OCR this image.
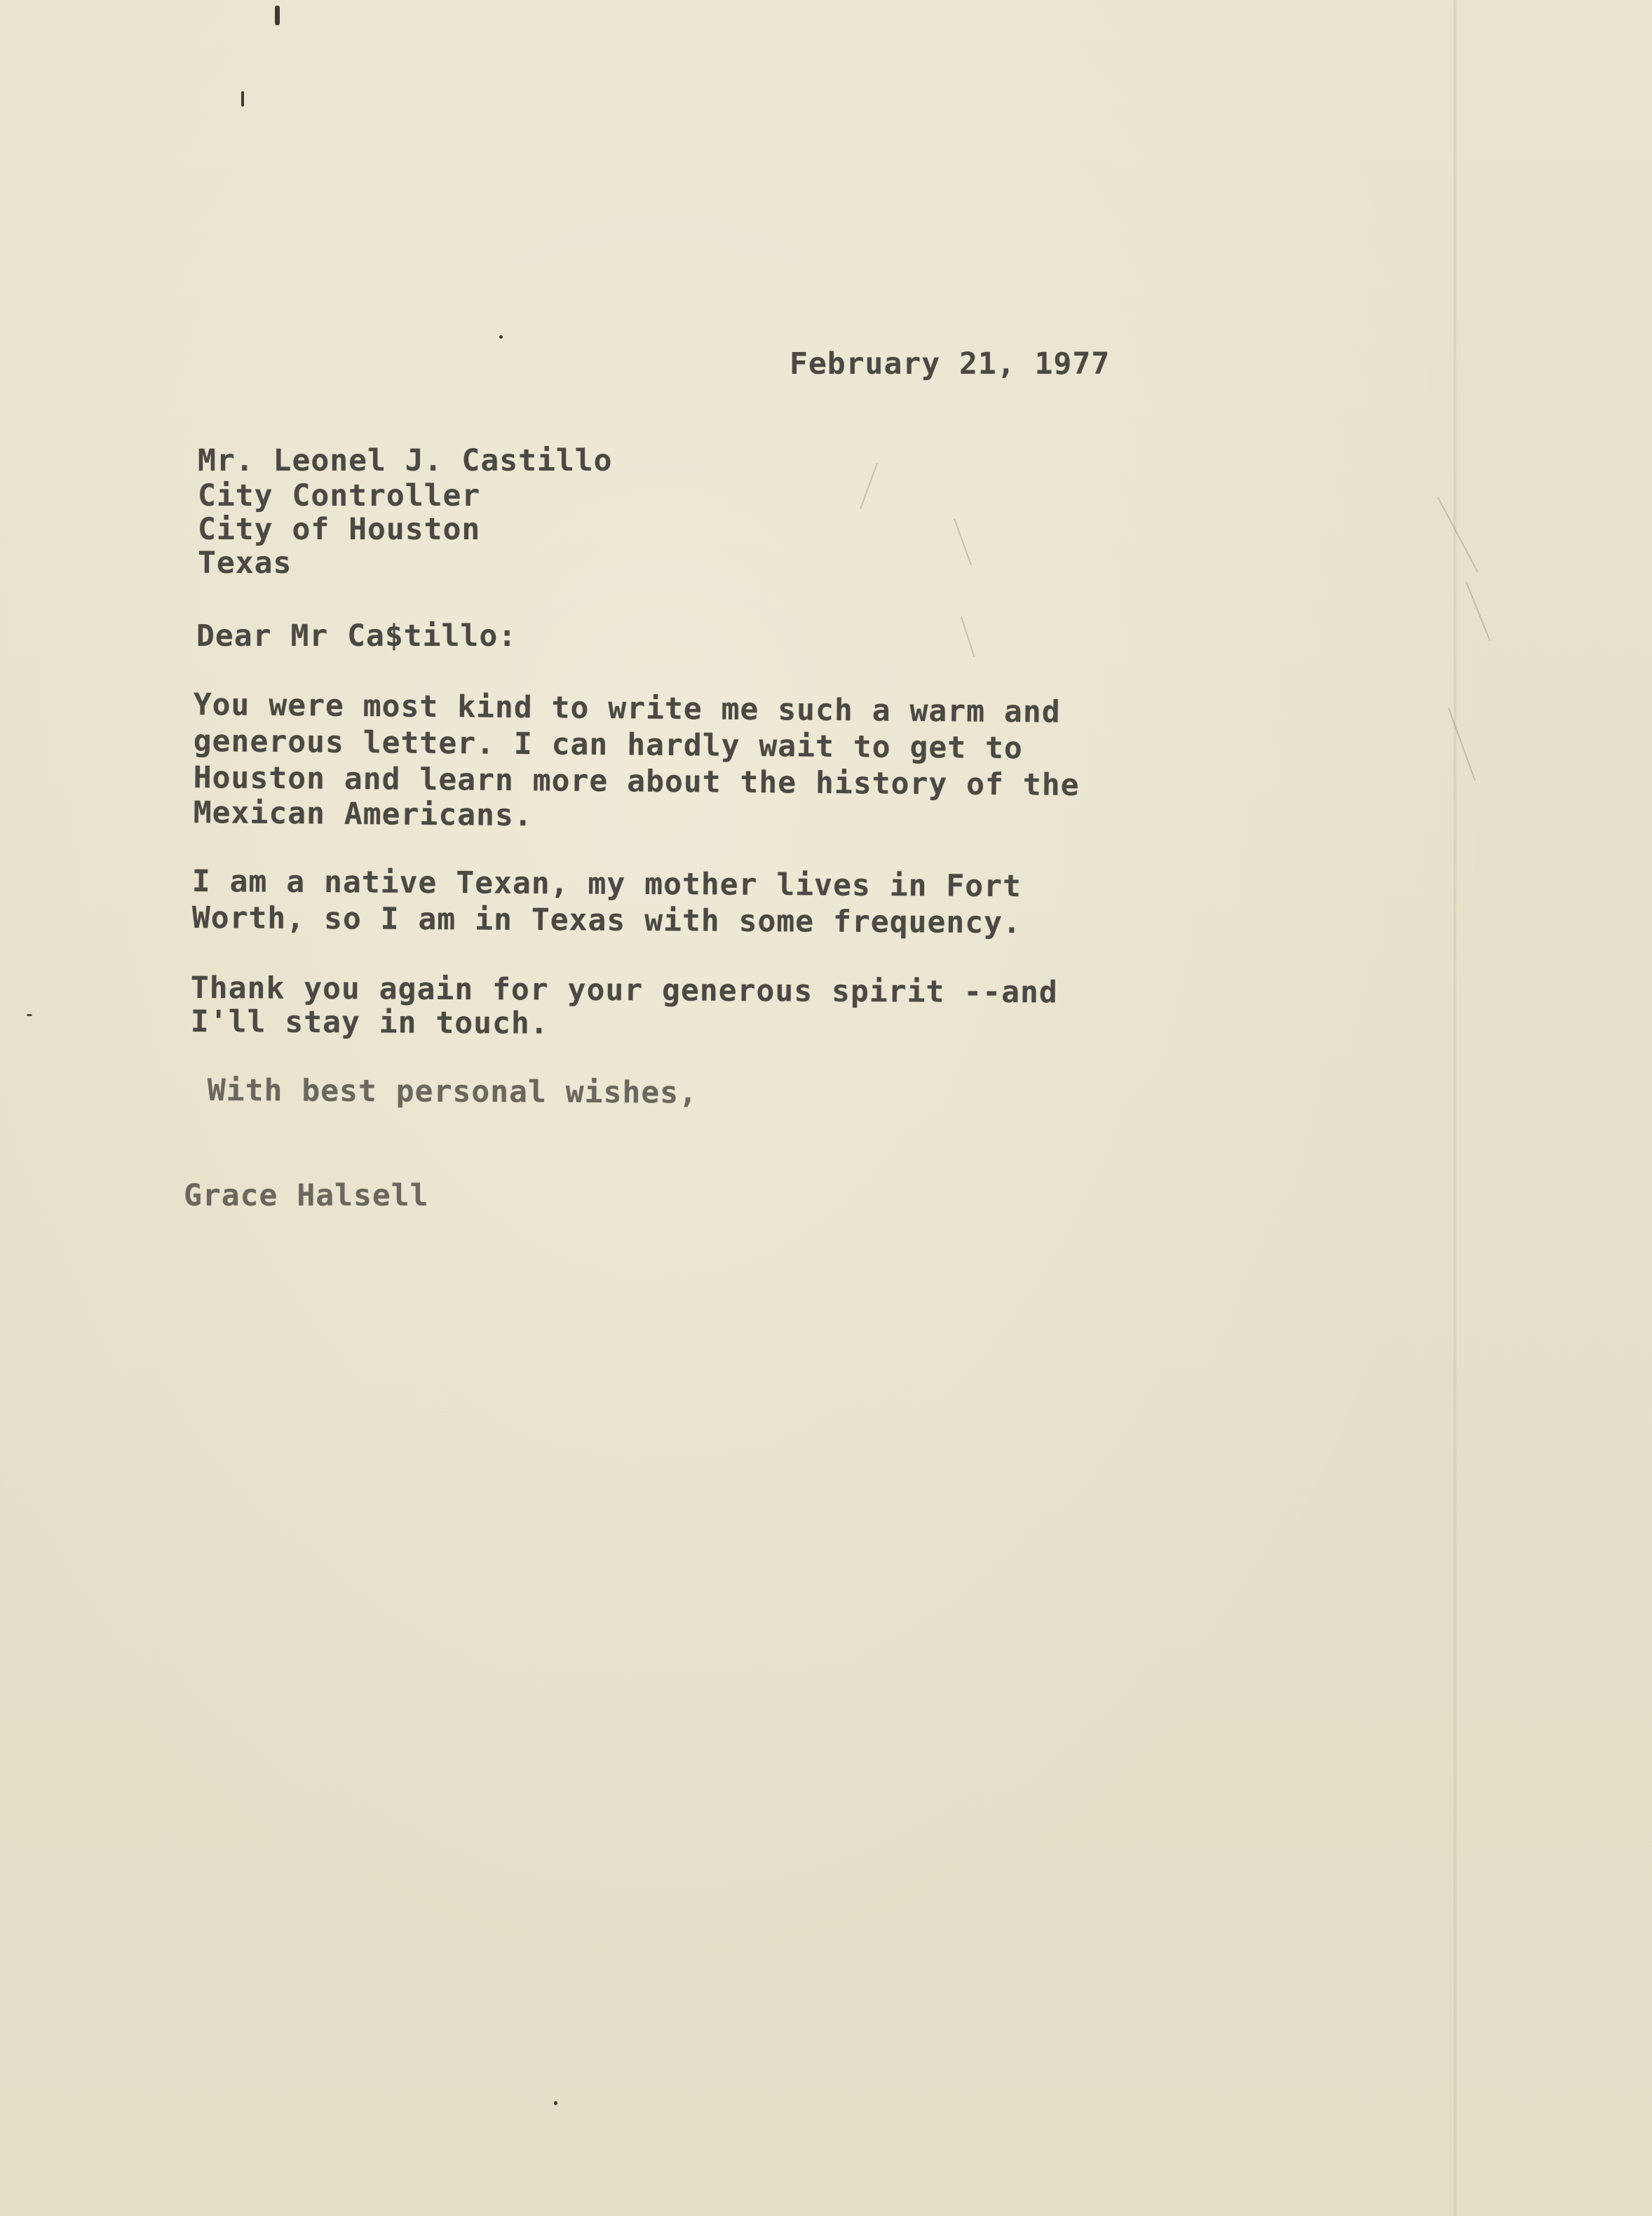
February 21, 1977

Mr. Leonel J. Castillo

City Controller

City of Houston

Texas

Dear Mr Ca$tillo:

You were most kind to write me such a warm and

generous letter. I can hardly wait to get to

Houston and learn more about the history of the

Mexican Americans.

I am a native Texan, my mother lives in Fort

Worth, so I am in Texas with some frequency.

Thank you again for your generous spirit --and

I'll stay in touch.

With best personal wishes,

Grace Halsell
